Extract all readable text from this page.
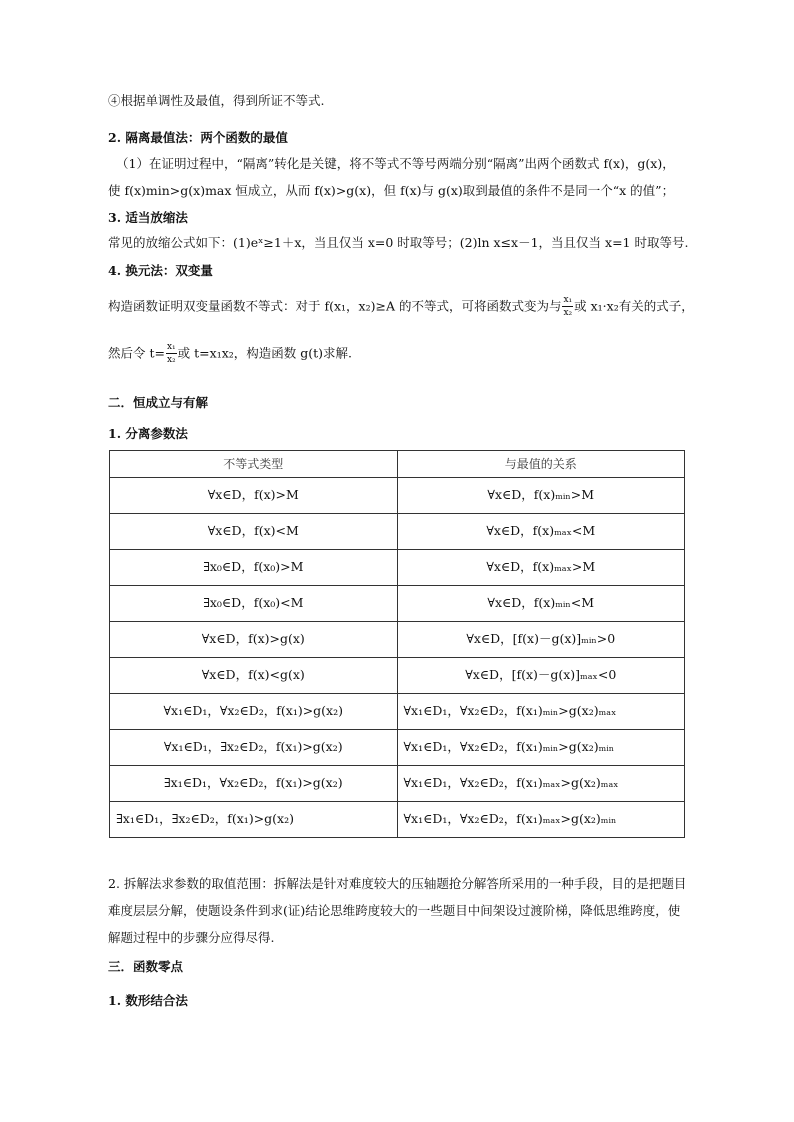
④根据单调性及最值，得到所证不等式.

2. 隔离最值法：两个函数的最值

（1）在证明过程中，“隔离”转化是关键，将不等式不等号两端分别“隔离”出两个函数式 f(x)，g(x)，

使 f(x)min>g(x)max 恒成立，从而 f(x)>g(x)，但 f(x)与 g(x)取到最值的条件不是同一个“x 的值”；

3. 适当放缩法

常见的放缩公式如下：(1)eˣ≥1＋x，当且仅当 x=0 时取等号；(2)ln x≤x－1，当且仅当 x=1 时取等号.

4. 换元法：双变量

构造函数证明双变量函数不等式：对于 f(x₁，x₂)≥A 的不等式，可将函数式变为与 $\frac{\text{x₁}}{\text{x₂}}$ 或 x₁·x₂有关的式子，

然后令 $t= \frac{\text{x₁}}{\text{x₂}}$ 或 t=x₁x₂，构造函数 g(t)求解.

二．恒成立与有解

1. 分离参数法

不等式类型	与最值的关系
∀x∈D，f(x)>M	∀x∈D，f(x)ₘᵢₙ>M
∀x∈D，f(x)<M	∀x∈D，f(x)ₘₐₓ<M
∃x₀∈D，f(x₀)>M	∀x∈D，f(x)ₘₐₓ>M
∃x₀∈D，f(x₀)<M	∀x∈D，f(x)ₘᵢₙ<M
∀x∈D，f(x)>g(x)	∀x∈D，[f(x)－g(x)]ₘᵢₙ>0
∀x∈D，f(x)<g(x)	∀x∈D，[f(x)－g(x)]ₘₐₓ<0
∀x₁∈D₁，∀x₂∈D₂，f(x₁)>g(x₂)	∀x₁∈D₁，∀x₂∈D₂，f(x₁)ₘᵢₙ>g(x₂)ₘₐₓ
∀x₁∈D₁，∃x₂∈D₂，f(x₁)>g(x₂)	∀x₁∈D₁，∀x₂∈D₂，f(x₁)ₘᵢₙ>g(x₂)ₘᵢₙ
∃x₁∈D₁，∀x₂∈D₂，f(x₁)>g(x₂)	∀x₁∈D₁，∀x₂∈D₂，f(x₁)ₘₐₓ>g(x₂)ₘₐₓ
∃x₁∈D₁，∃x₂∈D₂，f(x₁)>g(x₂)	∀x₁∈D₁，∀x₂∈D₂，f(x₁)ₘₐₓ>g(x₂)ₘᵢₙ

2. 拆解法求参数的取值范围：拆解法是针对难度较大的压轴题抢分解答所采用的一种手段，目的是把题目

难度层层分解，使题设条件到求(证)结论思维跨度较大的一些题目中间架设过渡阶梯，降低思维跨度，使

解题过程中的步骤分应得尽得.

三．函数零点

1. 数形结合法
